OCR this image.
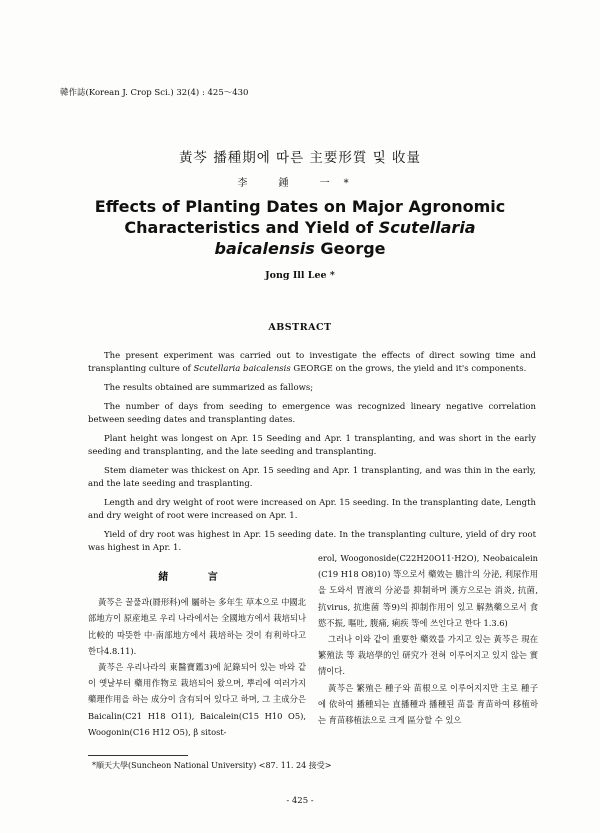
韓作誌(Korean J. Crop Sci.) 32(4) : 425～430
黃芩 播種期에 따른 主要形質 및 收量
李 鍾 一*
Effects of Planting Dates on Major Agronomic
Characteristics and Yield of Scutellaria
baicalensis George
Jong Ill Lee *
ABSTRACT

The present experiment was carried out to investigate the effects of direct sowing time and transplanting culture of Scutellaria baicalensis GEORGE on the grows, the yield and it's components.

The results obtained are summarized as fallows;

The number of days from seeding to emergence was recognized lineary negative correlation between seeding dates and transplanting dates.

Plant height was longest on Apr. 15 Seeding and Apr. 1 transplanting, and was short in the early seeding and transplanting, and the late seeding and transplanting.

Stem diameter was thickest on Apr. 15 seeding and Apr. 1 transplanting, and was thin in the early, and the late seeding and trasplanting.

Length and dry weight of root were increased on Apr. 15 seeding. In the transplanting date, Length and dry weight of root were increased on Apr. 1.

Yield of dry root was highest in Apr. 15 seeding date. In the transplanting culture, yield of dry root was highest in Apr. 1.

緒 言

黃芩은 꿀풀과(脣形科)에 屬하는 多年生 草本으로 中國北部地方이 原産地로 우리 나라에서는 全國地方에서 栽培되나 比較的 따뜻한 中·南部地方에서 栽培하는 것이 有利하다고 한다4.8.11).

黃芩은 우리나라의 東醫寶鑑3)에 記錄되어 있는 바와 같이 옛날부터 藥用作物로 栽培되어 왔으며, 뿌리에 여러가지 藥理作用을 하는 成分이 含有되어 있다고 하며, 그 主成分은 Baicalin(C21 H18 O11), Baicalein(C15 H10 O5), Woogonin(C16 H12 O5), β sitost-

erol, Woogonoside(C22H20O11·H2O), Neobaicalein (C19 H18 O8)10) 等으로서 藥效는 膽汁의 分泌, 利尿作用을 도와서 胃液의 分泌를 抑制하며 漢方으로는 消炎, 抗菌, 抗virus, 抗進菌 等9)의 抑制作用이 있고 解熱藥으로서 食慾不振, 嘔吐, 腹痛, 痢疾 等에 쓰인다고 한다 1.3.6)

그러나 이와 같이 重要한 藥效를 가지고 있는 黃芩은 現在 繁殖法 等 栽培學的인 研究가 전혀 이루어지고 있지 않는 實情이다.

黃芩은 繁殖은 種子와 苗根으로 이루어지지만 主로 種子에 依하여 播種되는 直播種과 播種된 苗를 育苗하여 移植하는 育苗移植法으로 크게 區分할 수 있으

*順天大學(Suncheon National University) <87. 11. 24 接受>
- 425 -
